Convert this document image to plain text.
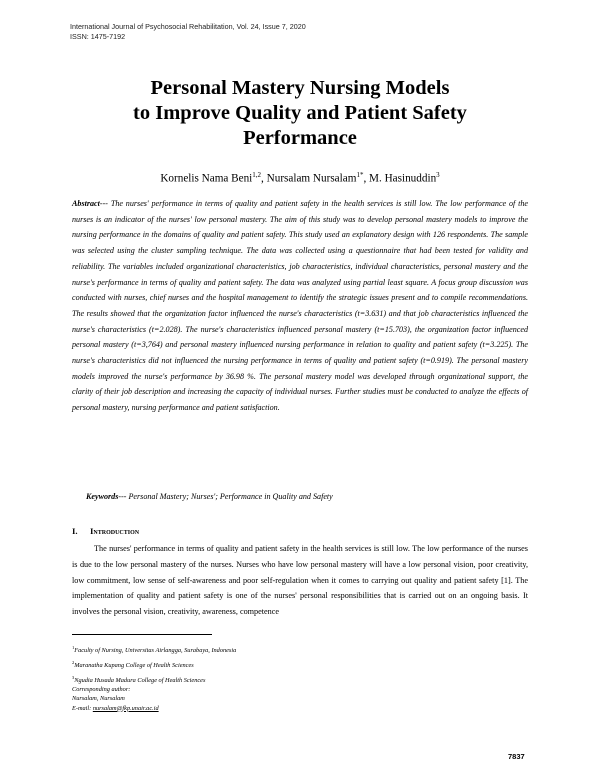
International Journal of Psychosocial Rehabilitation, Vol. 24, Issue 7, 2020
ISSN: 1475-7192
Personal Mastery Nursing Models
to Improve Quality and Patient Safety
Performance
Kornelis Nama Beni$^{1,2}$, Nursalam Nursalam$^{1*}$, M. Hasinuddin$^3$
Abstract--- The nurses' performance in terms of quality and patient safety in the health services is still low. The low performance of the nurses is an indicator of the nurses' low personal mastery. The aim of this study was to develop personal mastery models to improve the nursing performance in the domains of quality and patient safety. This study used an explanatory design with 126 respondents. The sample was selected using the cluster sampling technique. The data was collected using a questionnaire that had been tested for validity and reliability. The variables included organizational characteristics, job characteristics, individual characteristics, personal mastery and the nurse's performance in terms of quality and patient safety. The data was analyzed using partial least square. A focus group discussion was conducted with nurses, chief nurses and the hospital management to identify the strategic issues present and to compile recommendations. The results showed that the organization factor influenced the nurse's characteristics (t=3.631) and that job characteristics influenced the nurse's characteristics (t=2.028). The nurse's characteristics influenced personal mastery (t=15.703), the organization factor influenced personal mastery (t=3,764) and personal mastery influenced nursing performance in relation to quality and patient safety (t=3.225). The nurse's characteristics did not influenced the nursing performance in terms of quality and patient safety (t=0.919). The personal mastery models improved the nurse's performance by 36.98 %. The personal mastery model was developed through organizational support, the clarity of their job description and increasing the capacity of individual nurses. Further studies must be conducted to analyze the effects of personal mastery, nursing performance and patient satisfaction.
Keywords--- Personal Mastery; Nurses'; Performance in Quality and Safety
I. Introduction
The nurses' performance in terms of quality and patient safety in the health services is still low. The low performance of the nurses is due to the low personal mastery of the nurses. Nurses who have low personal mastery will have a low personal vision, poor creativity, low commitment, low sense of self-awareness and poor self-regulation when it comes to carrying out quality and patient safety [1]. The implementation of quality and patient safety is one of the nurses' personal responsibilities that is carried out on an ongoing basis. It involves the personal vision, creativity, awareness, competence
$^1$Faculty of Nursing, Universitas Airlangga, Surabaya, Indonesia
$^2$Maranatha Kupang College of Health Sciences
$^3$Ngudia Husada Madura College of Health Sciences
Corresponding author:
Nursalam, Nursalam
E-mail: nursalam@fkp.unair.ac.id
7837
